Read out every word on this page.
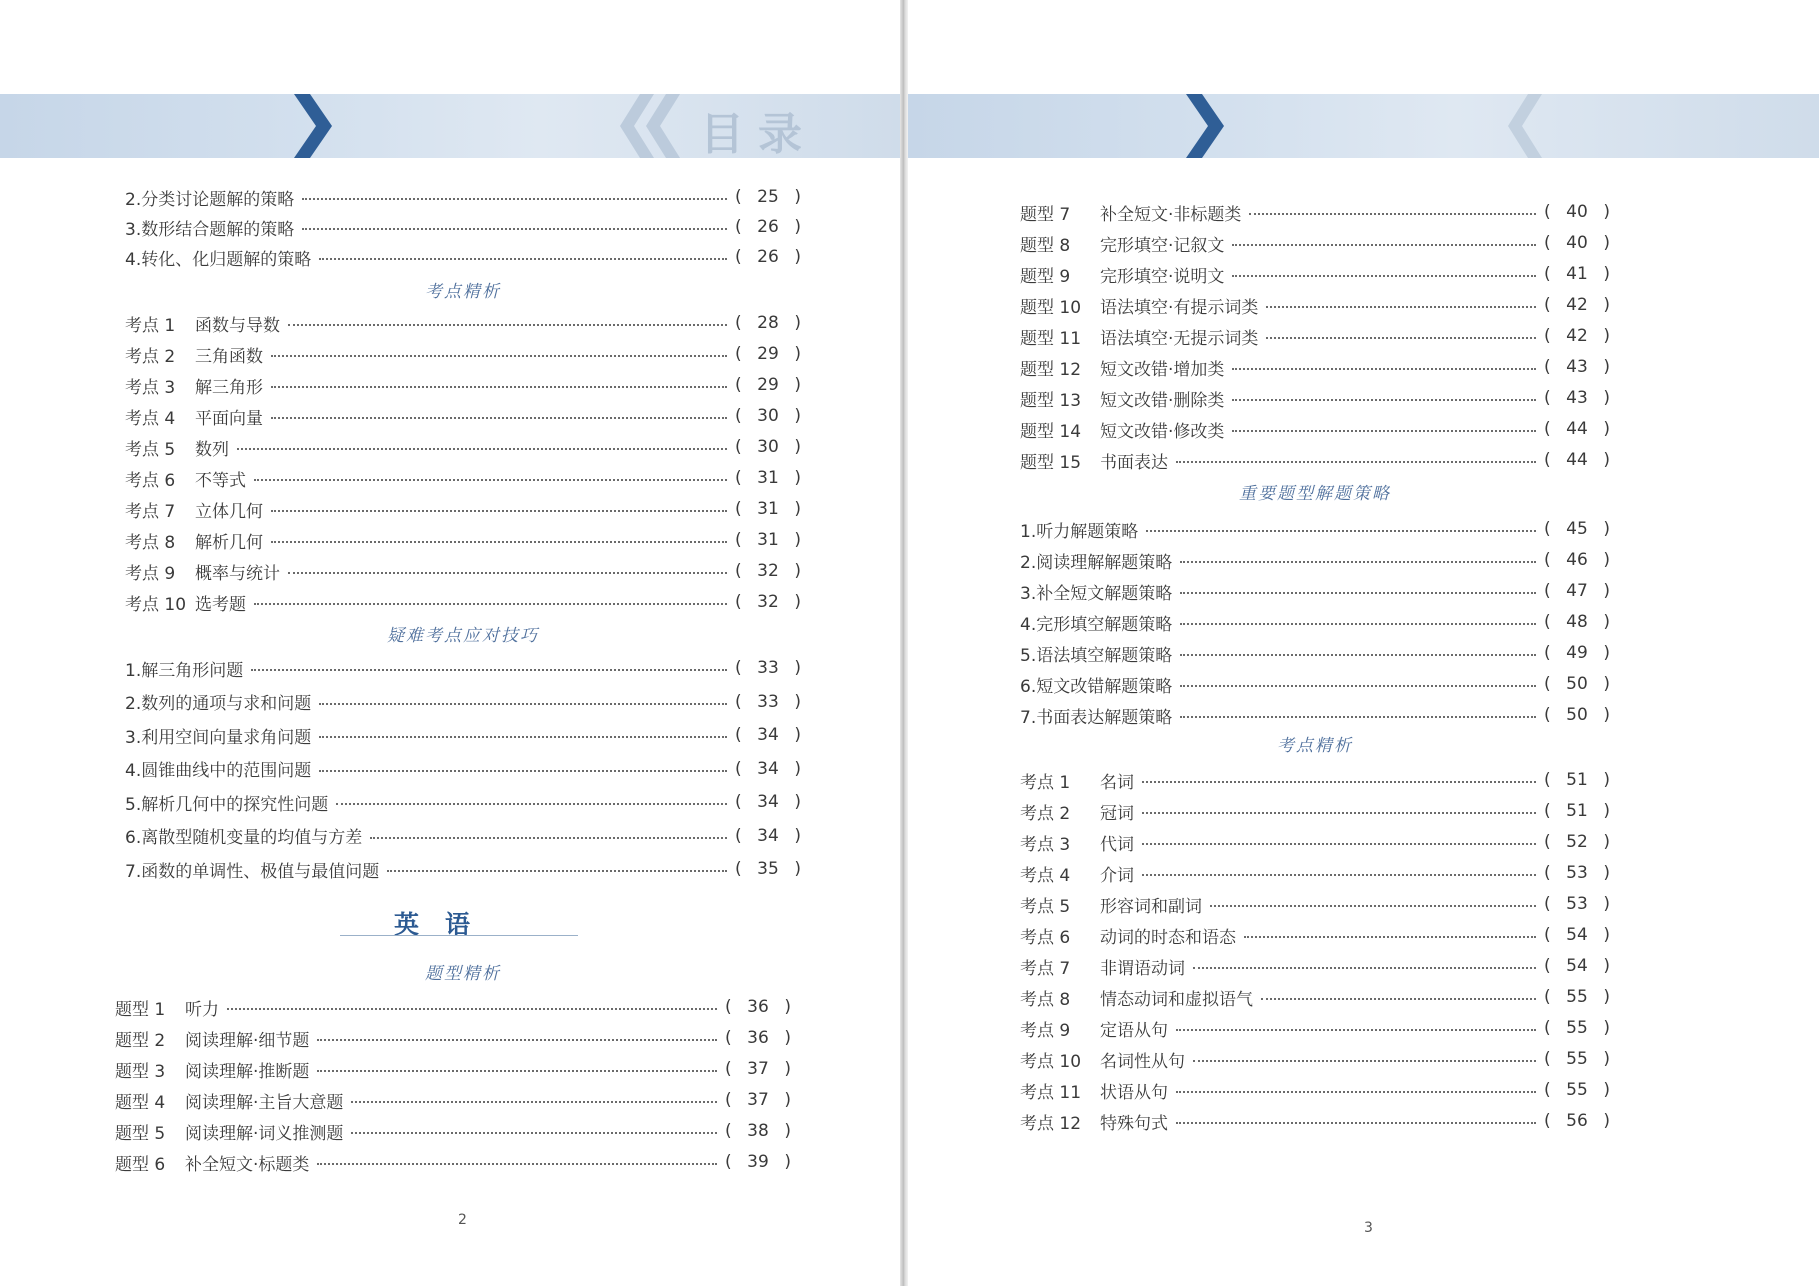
目录
2.分类讨论题解的策略	( 25 )
3.数形结合题解的策略	( 26 )
4.转化、化归题解的策略	( 26 )
考点精析
考点 1 函数与导数	( 28 )
考点 2 三角函数	( 29 )
考点 3 解三角形	( 29 )
考点 4 平面向量	( 30 )
考点 5 数列	( 30 )
考点 6 不等式	( 31 )
考点 7 立体几何	( 31 )
考点 8 解析几何	( 31 )
考点 9 概率与统计	( 32 )
考点 10 选考题	( 32 )
疑难考点应对技巧
1.解三角形问题	( 33 )
2.数列的通项与求和问题	( 33 )
3.利用空间向量求角问题	( 34 )
4.圆锥曲线中的范围问题	( 34 )
5.解析几何中的探究性问题	( 34 )
6.离散型随机变量的均值与方差	( 34 )
7.函数的单调性、极值与最值问题	( 35 )
英语
题型精析
题型 1 听力	( 36 )
题型 2 阅读理解·细节题	( 36 )
题型 3 阅读理解·推断题	( 37 )
题型 4 阅读理解·主旨大意题	( 37 )
题型 5 阅读理解·词义推测题	( 38 )
题型 6 补全短文·标题类	( 39 )
2
题型 7 补全短文·非标题类	( 40 )
题型 8 完形填空·记叙文	( 40 )
题型 9 完形填空·说明文	( 41 )
题型 10 语法填空·有提示词类	( 42 )
题型 11 语法填空·无提示词类	( 42 )
题型 12 短文改错·增加类	( 43 )
题型 13 短文改错·删除类	( 43 )
题型 14 短文改错·修改类	( 44 )
题型 15 书面表达	( 44 )
重要题型解题策略
1.听力解题策略	( 45 )
2.阅读理解解题策略	( 46 )
3.补全短文解题策略	( 47 )
4.完形填空解题策略	( 48 )
5.语法填空解题策略	( 49 )
6.短文改错解题策略	( 50 )
7.书面表达解题策略	( 50 )
考点精析
考点 1 名词	( 51 )
考点 2 冠词	( 51 )
考点 3 代词	( 52 )
考点 4 介词	( 53 )
考点 5 形容词和副词	( 53 )
考点 6 动词的时态和语态	( 54 )
考点 7 非谓语动词	( 54 )
考点 8 情态动词和虚拟语气	( 55 )
考点 9 定语从句	( 55 )
考点 10 名词性从句	( 55 )
考点 11 状语从句	( 55 )
考点 12 特殊句式	( 56 )
3
